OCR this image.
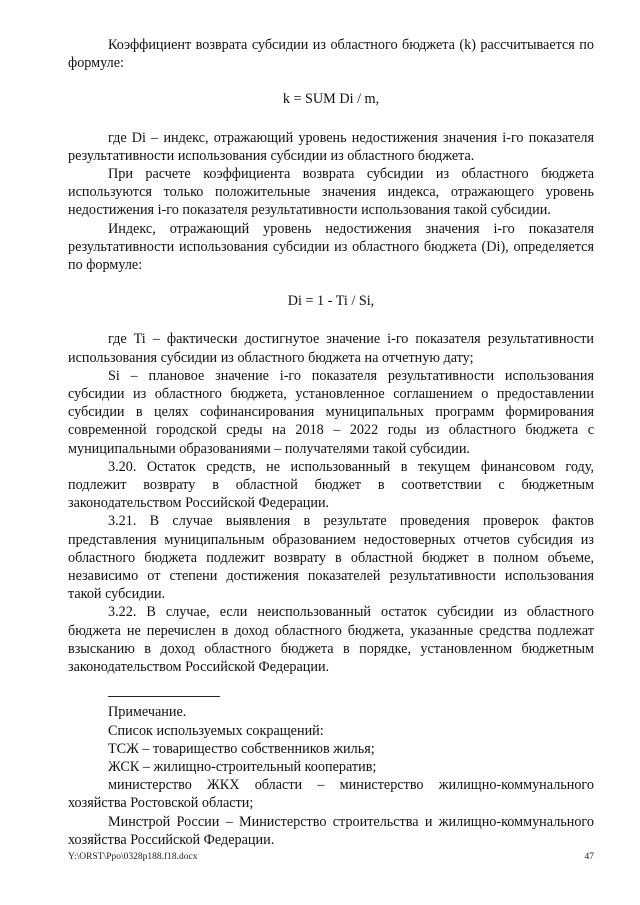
Коэффициент возврата субсидии из областного бюджета (k) рассчитывается по формуле:

k = SUM Di / m,

где Di – индекс, отражающий уровень недостижения значения i-го показателя результативности использования субсидии из областного бюджета.

При расчете коэффициента возврата субсидии из областного бюджета используются только положительные значения индекса, отражающего уровень недостижения i-го показателя результативности использования такой субсидии.

Индекс, отражающий уровень недостижения значения i-го показателя результативности использования субсидии из областного бюджета (Di), определяется по формуле:

Di = 1 - Ti / Si,

где Ti – фактически достигнутое значение i-го показателя результативности использования субсидии из областного бюджета на отчетную дату;

Si – плановое значение i-го показателя результативности использования субсидии из областного бюджета, установленное соглашением о предоставлении субсидии в целях софинансирования муниципальных программ формирования современной городской среды на 2018 – 2022 годы из областного бюджета с муниципальными образованиями – получателями такой субсидии.

3.20. Остаток средств, не использованный в текущем финансовом году, подлежит возврату в областной бюджет в соответствии с бюджетным законодательством Российской Федерации.

3.21. В случае выявления в результате проведения проверок фактов представления муниципальным образованием недостоверных отчетов субсидия из областного бюджета подлежит возврату в областной бюджет в полном объеме, независимо от степени достижения показателей результативности использования такой субсидии.

3.22. В случае, если неиспользованный остаток субсидии из областного бюджета не перечислен в доход областного бюджета, указанные средства подлежат взысканию в доход областного бюджета в порядке, установленном бюджетным законодательством Российской Федерации.

Примечание.

Список используемых сокращений:

ТСЖ – товарищество собственников жилья;

ЖСК – жилищно-строительный кооператив;

министерство ЖКХ области – министерство жилищно-коммунального хозяйства Ростовской области;

Минстрой России – Министерство строительства и жилищно-коммунального хозяйства Российской Федерации.

Y:\ORST\Ppo\0328p188.f18.docx	47
